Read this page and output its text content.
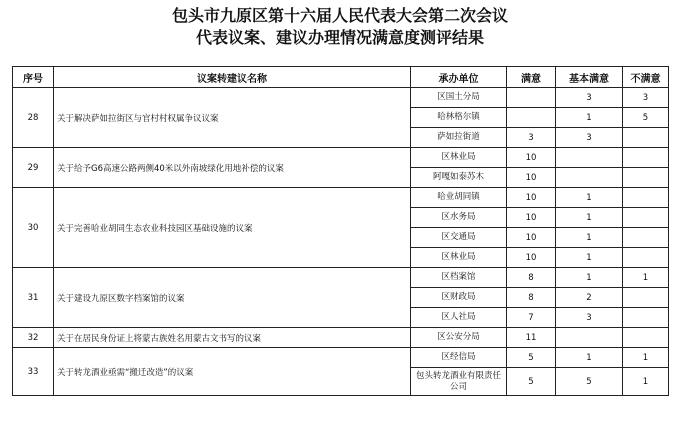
包头市九原区第十六届人民代表大会第二次会议
代表议案、建议办理情况满意度测评结果
序号	议案转建议名称	承办单位	满意	基本满意	不满意
28	关于解决萨如拉街区与官村村权属争议议案	区国土分局		3	3
		哈林格尔镇		1	5
		萨如拉街道	3	3	
29	关于给予G6高速公路两侧40米以外南坡绿化用地补偿的议案	区林业局	10		
		阿嘎如泰苏木	10		
30	关于完善哈业胡同生态农业科技园区基础设施的议案	哈业胡同镇	10	1	
		区水务局	10	1	
		区交通局	10	1	
		区林业局	10	1	
31	关于建设九原区数字档案馆的议案	区档案馆	8	1	1
		区财政局	8	2	
		区人社局	7	3	
32	关于在居民身份证上将蒙古族姓名用蒙古文书写的议案	区公安分局	11		
33	关于转龙酒业亟需“搬迁改造”的议案	区经信局	5	1	1
		包头转龙酒业有限责任公司	5	5	1
